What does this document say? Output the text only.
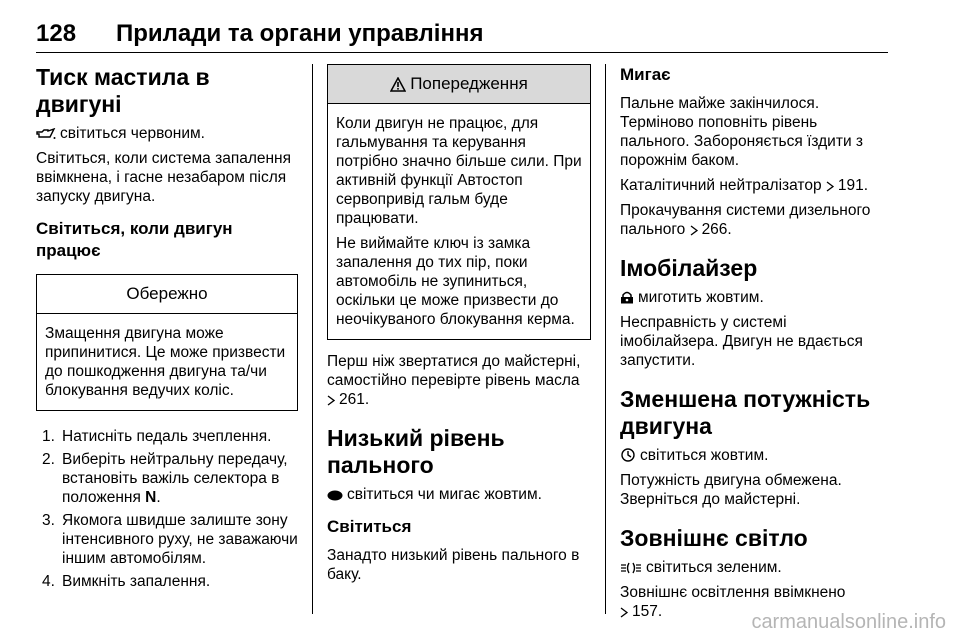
128 Прилади та органи управління
Тиск мастила в двигуні

світиться червоним.

Світиться, коли система запалення ввімкнена, і гасне незабаром після запуску двигуна.

Світиться, коли двигун працює
Обережно

Змащення двигуна може припинитися. Це може призвести до пошкодження двигуна та/чи блокування ведучих коліс.

1. Натисніть педаль зчеплення.
2. Виберіть нейтральну передачу, встановіть важіль селектора в положення N.
3. Якомога швидше залиште зону інтенсивного руху, не заважаючи іншим автомобілям.
4. Вимкніть запалення.
Попередження

Коли двигун не працює, для гальмування та керування потрібно значно більше сили. При активній функції Автостоп сервопривід гальм буде працювати.

Не виймайте ключ із замка запалення до тих пір, поки автомобіль не зупиниться, оскільки це може призвести до неочікуваного блокування керма.

Перш ніж звертатися до майстерні, самостійно перевірте рівень масла

261.

Низький рівень пального

світиться чи мигає жовтим.

Світиться

Занадто низький рівень пального в баку.

Мигає

Пальне майже закінчилося. Терміново поповніть рівень пального. Забороняється їздити з порожнім баком.

Каталітичний нейтралізатор 191.

Прокачування системи дизельного пального 266.

Імобілайзер

миготить жовтим.

Несправність у системі імобілайзера. Двигун не вдається запустити.

Зменшена потужність двигуна

світиться жовтим.

Потужність двигуна обмежена. Зверніться до майстерні.

Зовнішнє світло

світиться зеленим.

Зовнішнє освітлення ввімкнено

157.	carmanualsonline.info
